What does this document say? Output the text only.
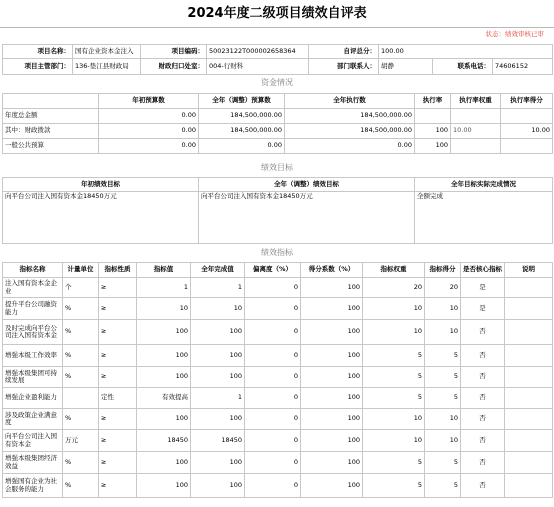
2024年度二级项目绩效自评表
状态：绩效审核已审
项目名称：	国有企业资本金注入	项目编码：	50023122T000002658364	自评总分：	100.00		
项目主管部门：	136-垫江县财政局	财政归口处室：	004-行财科	部门联系人：	胡静	联系电话：	74606152
资金情况
	年初预算数	全年（调整）预算数	全年执行数	执行率	执行率权重	执行率得分
年度总金额	0.00	184,500,000.00	184,500,000.00			
其中：财政拨款	0.00	184,500,000.00	184,500,000.00	100	10.00	10.00
一般公共预算	0.00	0.00	0.00	100		
绩效目标
年初绩效目标	全年（调整）绩效目标	全年目标实际完成情况
向平台公司注入国有资本金18450万元	向平台公司注入国有资本金18450万元	全额完成
绩效指标
指标名称	计量单位	指标性质	指标值	全年完成值	偏离度（%）	得分系数（%）	指标权重	指标得分	是否核心指标	说明
注入国有资本金企业	个	≥	1	1	0	100	20	20	是	
提升平台公司融资能力	%	≥	10	10	0	100	10	10	是	
及时完成向平台公司注入国有资本金	%	≥	100	100	0	100	10	10	否	
增强本级工作效率	%	≥	100	100	0	100	5	5	否	
增强本级集团可持续发展	%	≥	100	100	0	100	5	5	否	
增强企业盈利能力		定性	有效提高	1	0	100	5	5	否	
涉及政策企业满意度	%	≥	100	100	0	100	10	10	否	
向平台公司注入国有资本金	万元	≥	18450	18450	0	100	10	10	否	
增强本级集团经济效益	%	≥	100	100	0	100	5	5	否	
增强国有企业为社会服务的能力	%	≥	100	100	0	100	5	5	否	
